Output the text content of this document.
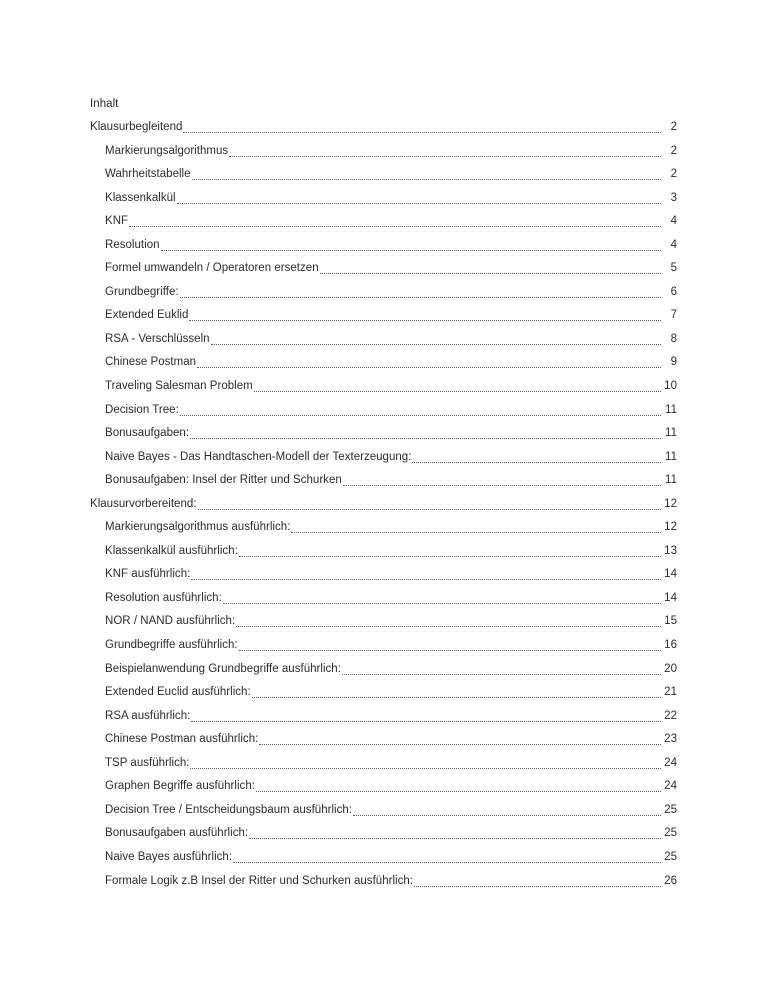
Inhalt
Klausurbegleitend	2
Markierungsalgorithmus	2
Wahrheitstabelle	2
Klassenkalkül	3
KNF	4
Resolution	4
Formel umwandeln / Operatoren ersetzen	5
Grundbegriffe:	6
Extended Euklid	7
RSA - Verschlüsseln	8
Chinese Postman	9
Traveling Salesman Problem	10
Decision Tree:	11
Bonusaufgaben:	11
Naive Bayes - Das Handtaschen-Modell der Texterzeugung:	11
Bonusaufgaben: Insel der Ritter und Schurken	11
Klausurvorbereitend:	12
Markierungsalgorithmus ausführlich:	12
Klassenkalkül ausführlich:	13
KNF ausführlich:	14
Resolution ausführlich:	14
NOR / NAND ausführlich:	15
Grundbegriffe ausführlich:	16
Beispielanwendung Grundbegriffe ausführlich:	20
Extended Euclid ausführlich:	21
RSA ausführlich:	22
Chinese Postman ausführlich:	23
TSP ausführlich:	24
Graphen Begriffe ausführlich:	24
Decision Tree / Entscheidungsbaum ausführlich:	25
Bonusaufgaben ausführlich:	25
Naive Bayes ausführlich:	25
Formale Logik z.B Insel der Ritter und Schurken ausführlich:	26
